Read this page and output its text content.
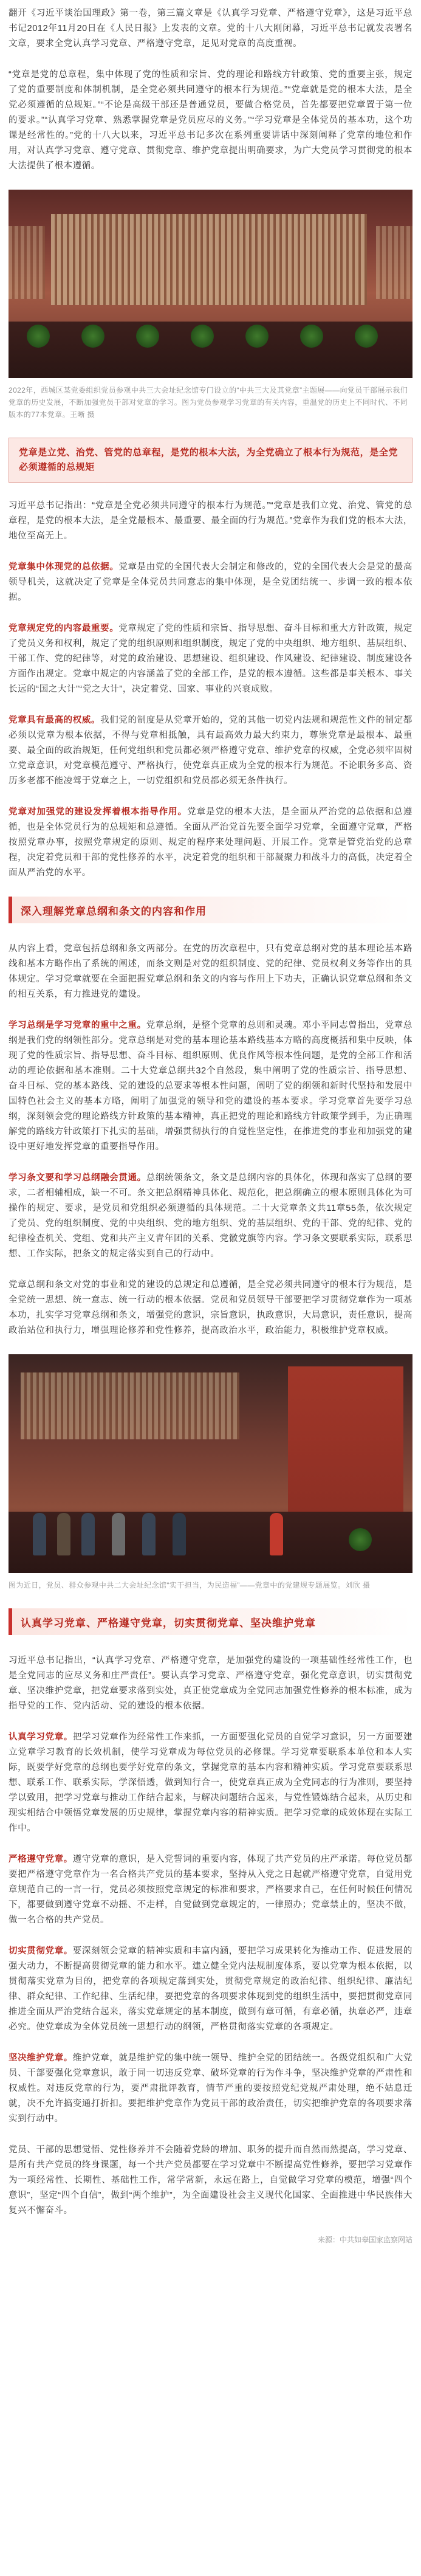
翻开《习近平谈治国理政》第一卷，第三篇文章是《认真学习党章、严格遵守党章》，这是习近平总书记2012年11月20日在《人民日报》上发表的文章。党的十八大刚闭幕，习近平总书记就发表署名文章，要求全党认真学习党章、严格遵守党章，足见对党章的高度重视。

“党章是党的总章程，集中体现了党的性质和宗旨、党的理论和路线方针政策、党的重要主张，规定了党的重要制度和体制机制，是全党必须共同遵守的根本行为规范。”“党章就是党的根本大法，是全党必须遵循的总规矩。”“不论是高级干部还是普通党员，要做合格党员，首先都要把党章置于第一位的要求。”“认真学习党章、熟悉掌握党章是党员应尽的义务。”“学习党章是全体党员的基本功，这个功课是经常性的。”党的十八大以来，习近平总书记多次在系列重要讲话中深刻阐释了党章的地位和作用，对认真学习党章、遵守党章、贯彻党章、维护党章提出明确要求，为广大党员学习贯彻党的根本大法提供了根本遵循。

2022年，西城区某党委组织党员参观中共三大会址纪念馆专门设立的“中共三大及其党章”主题展——向党员干部展示我们党章的历史发展，不断加强党员干部对党章的学习。图为党员参观学习党章的有关内容，重温党的历史上不同时代、不同版本的77本党章。王晰 摄
党章是立党、治党、管党的总章程，是党的根本大法，为全党确立了根本行为规范，是全党必须遵循的总规矩

习近平总书记指出：“党章是全党必须共同遵守的根本行为规范。”“党章是我们立党、治党、管党的总章程，是党的根本大法，是全党最根本、最重要、最全面的行为规范。”党章作为我们党的根本大法，地位至高无上。

党章集中体现党的总依据。党章是由党的全国代表大会制定和修改的，党的全国代表大会是党的最高领导机关，这就决定了党章是全体党员共同意志的集中体现，是全党团结统一、步调一致的根本依据。

党章规定党的内容最重要。党章规定了党的性质和宗旨、指导思想、奋斗目标和重大方针政策，规定了党员义务和权利，规定了党的组织原则和组织制度，规定了党的中央组织、地方组织、基层组织、干部工作、党的纪律等，对党的政治建设、思想建设、组织建设、作风建设、纪律建设、制度建设各方面作出规定。党章中规定的内容涵盖了党的全部工作，是党的根本遵循。这些都是事关根本、事关长远的“国之大计”“党之大计”，决定着党、国家、事业的兴衰成败。

党章具有最高的权威。我们党的制度是从党章开始的，党的其他一切党内法规和规范性文件的制定都必须以党章为根本依据，不得与党章相抵触，具有最高效力最大约束力，尊崇党章是最根本、最重要、最全面的政治规矩，任何党组织和党员都必须严格遵守党章、维护党章的权威，全党必须牢固树立党章意识，对党章模范遵守、严格执行，使党章真正成为全党的根本行为规范。不论职务多高、资历多老都不能凌驾于党章之上，一切党组织和党员都必须无条件执行。

党章对加强党的建设发挥着根本指导作用。党章是党的根本大法，是全面从严治党的总依据和总遵循，也是全体党员行为的总规矩和总遵循。全面从严治党首先要全面学习党章，全面遵守党章，严格按照党章办事，按照党章规定的原则、规定的程序来处理问题、开展工作。党章是管党治党的总章程，决定着党员和干部的党性修养的水平，决定着党的组织和干部凝聚力和战斗力的高低，决定着全面从严治党的水平。

深入理解党章总纲和条文的内容和作用

从内容上看，党章包括总纲和条文两部分。在党的历次章程中，只有党章总纲对党的基本理论基本路线和基本方略作出了系统的阐述，而条文则是对党的组织制度、党的纪律、党员权利义务等作出的具体规定。学习党章就要在全面把握党章总纲和条文的内容与作用上下功夫，正确认识党章总纲和条文的相互关系，有力推进党的建设。

学习总纲是学习党章的重中之重。党章总纲，是整个党章的总则和灵魂。邓小平同志曾指出，党章总纲是我们党的纲领性部分。党章总纲是对党的基本理论基本路线基本方略的高度概括和集中反映，体现了党的性质宗旨、指导思想、奋斗目标、组织原则、优良作风等根本性问题，是党的全部工作和活动的理论依据和基本准则。二十大党章总纲共32个自然段，集中阐明了党的性质宗旨、指导思想、奋斗目标、党的基本路线、党的建设的总要求等根本性问题，阐明了党的纲领和新时代坚持和发展中国特色社会主义的基本方略，阐明了加强党的领导和党的建设的基本要求。学习党章首先要学习总纲，深刻领会党的理论路线方针政策的基本精神，真正把党的理论和路线方针政策学到手，为正确理解党的路线方针政策打下扎实的基础，增强贯彻执行的自觉性坚定性，在推进党的事业和加强党的建设中更好地发挥党章的重要指导作用。

学习条文要和学习总纲融会贯通。总纲统领条文，条文是总纲内容的具体化，体现和落实了总纲的要求，二者相辅相成，缺一不可。条文把总纲精神具体化、规范化，把总纲确立的根本原则具体化为可操作的规定、要求，是党员和党组织必须遵循的具体规范。二十大党章条文共11章55条，依次规定了党员、党的组织制度、党的中央组织、党的地方组织、党的基层组织、党的干部、党的纪律、党的纪律检查机关、党组、党和共产主义青年团的关系、党徽党旗等内容。学习条文要联系实际，联系思想、工作实际，把条文的规定落实到自己的行动中。

党章总纲和条文对党的事业和党的建设的总规定和总遵循，是全党必须共同遵守的根本行为规范，是全党统一思想、统一意志、统一行动的根本依据。党员和党员领导干部要把学习贯彻党章作为一项基本功，扎实学习党章总纲和条文，增强党的意识，宗旨意识，执政意识，大局意识，责任意识，提高政治站位和执行力，增强理论修养和党性修养，提高政治水平，政治能力，积极维护党章权威。

图为近日，党员、群众参观中共二大会址纪念馆“实干担当，为民造福”——党章中的党建规专题展览。刘欣 摄
认真学习党章、严格遵守党章，切实贯彻党章、坚决维护党章

习近平总书记指出，“认真学习党章、严格遵守党章，是加强党的建设的一项基础性经常性工作，也是全党同志的应尽义务和庄严责任”。要认真学习党章、严格遵守党章，强化党章意识，切实贯彻党章、坚决维护党章，把党章要求落到实处，真正使党章成为全党同志加强党性修养的根本标准，成为指导党的工作、党内活动、党的建设的根本依据。

认真学习党章。把学习党章作为经常性工作来抓，一方面要强化党员的自觉学习意识，另一方面要建立党章学习教育的长效机制，使学习党章成为每位党员的必修课。学习党章要联系本单位和本人实际，既要学好党章的总纲也要学好党章的条文，掌握党章的基本内容和精神实质。学习党章要联系思想、联系工作、联系实际，学深悟透，做到知行合一，使党章真正成为全党同志的行为准则，要坚持学以致用，把学习党章与推动工作结合起来，与解决问题结合起来，与党性锻炼结合起来，从历史和现实相结合中领悟党章发展的历史规律，掌握党章内容的精神实质。把学习党章的成效体现在实际工作中。

严格遵守党章。遵守党章的意识，是入党誓词的重要内容，体现了共产党员的庄严承诺。每位党员都要把严格遵守党章作为一名合格共产党员的基本要求，坚持从入党之日起就严格遵守党章，自觉用党章规范自己的一言一行，党员必须按照党章规定的标准和要求，严格要求自己，在任何时候任何情况下，都要做到遵守党章不动摇、不走样，自觉做到党章规定的，一律照办；党章禁止的，坚决不做，做一名合格的共产党员。

切实贯彻党章。要深刻领会党章的精神实质和丰富内涵，要把学习成果转化为推动工作、促进发展的强大动力，不断提高贯彻党章的能力和水平。建立健全党内法规制度体系，要以党章为根本依据，以贯彻落实党章为目的，把党章的各项规定落到实处，贯彻党章规定的政治纪律、组织纪律、廉洁纪律、群众纪律、工作纪律、生活纪律，要把党章的各项要求体现到党的组织生活中，要把贯彻党章同推进全面从严治党结合起来，落实党章规定的基本制度，做到有章可循，有章必循，执章必严，违章必究。使党章成为全体党员统一思想行动的纲领，严格贯彻落实党章的各项规定。

坚决维护党章。维护党章，就是维护党的集中统一领导、维护全党的团结统一。各级党组织和广大党员、干部要强化党章意识，敢于同一切违反党章、破坏党章的行为作斗争，坚决维护党章的严肃性和权威性。对违反党章的行为，要严肃批评教育，情节严重的要按照党纪党规严肃处理，绝不姑息迁就，决不允许搞变通打折扣。要把维护党章作为党员干部的政治责任，切实把维护党章的各项要求落实到行动中。

党员、干部的思想觉悟、党性修养并不会随着党龄的增加、职务的提升而自然而然提高，学习党章、是所有共产党员的终身课题，每一个共产党员都要在学习党章中不断提高党性修养，要把学习党章作为一项经常性、长期性、基础性工作，常学常新，永远在路上，自觉做学习党章的模范，增强“四个意识”，坚定“四个自信”，做到“两个维护”，为全面建设社会主义现代化国家、全面推进中华民族伟大复兴不懈奋斗。

来源：中共如皋国家监察网站
